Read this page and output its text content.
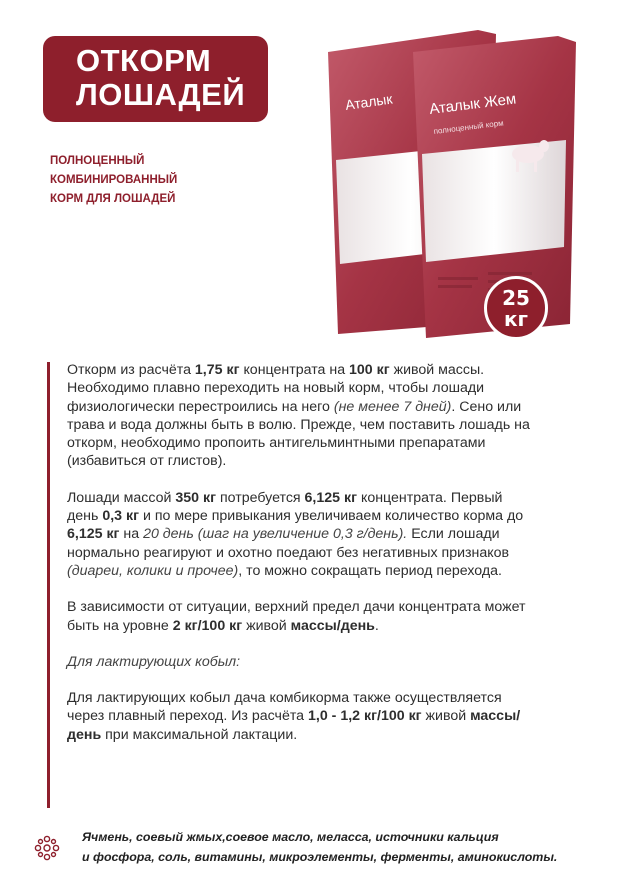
ОТКОРМ
ЛОШАДЕЙ
ПОЛНОЦЕННЫЙ
КОМБИНИРОВАННЫЙ
КОРМ ДЛЯ ЛОШАДЕЙ
Аталык Аталык Жем
полноценный корм
25
кг

Откорм из расчёта 1,75 кг концентрата на 100 кг живой массы. Необходимо плавно переходить на новый корм, чтобы лошади физиологически перестроились на него (не менее 7 дней). Сено или трава и вода должны быть в волю. Прежде, чем поставить лошадь на откорм, необходимо пропоить антигельминтными препаратами (избавиться от глистов).

Лошади массой 350 кг потребуется 6,125 кг концентрата. Первый день 0,3 кг и по мере привыкания увеличиваем количество корма до 6,125 кг на 20 день (шаг на увеличение 0,3 г/день). Если лошади нормально реагируют и охотно поедают без негативных признаков (диареи, колики и прочее), то можно сокращать период перехода.

В зависимости от ситуации, верхний предел дачи концентрата может быть на уровне 2 кг/100 кг живой массы/день.

Для лактирующих кобыл:

Для лактирующих кобыл дача комбикорма также осуществляется через плавный переход. Из расчёта 1,0 - 1,2 кг/100 кг живой массы/день при максимальной лактации.

Ячмень, соевый жмых,соевое масло, меласса, источники кальция
и фосфора, соль, витамины, микроэлементы, ферменты, аминокислоты.
